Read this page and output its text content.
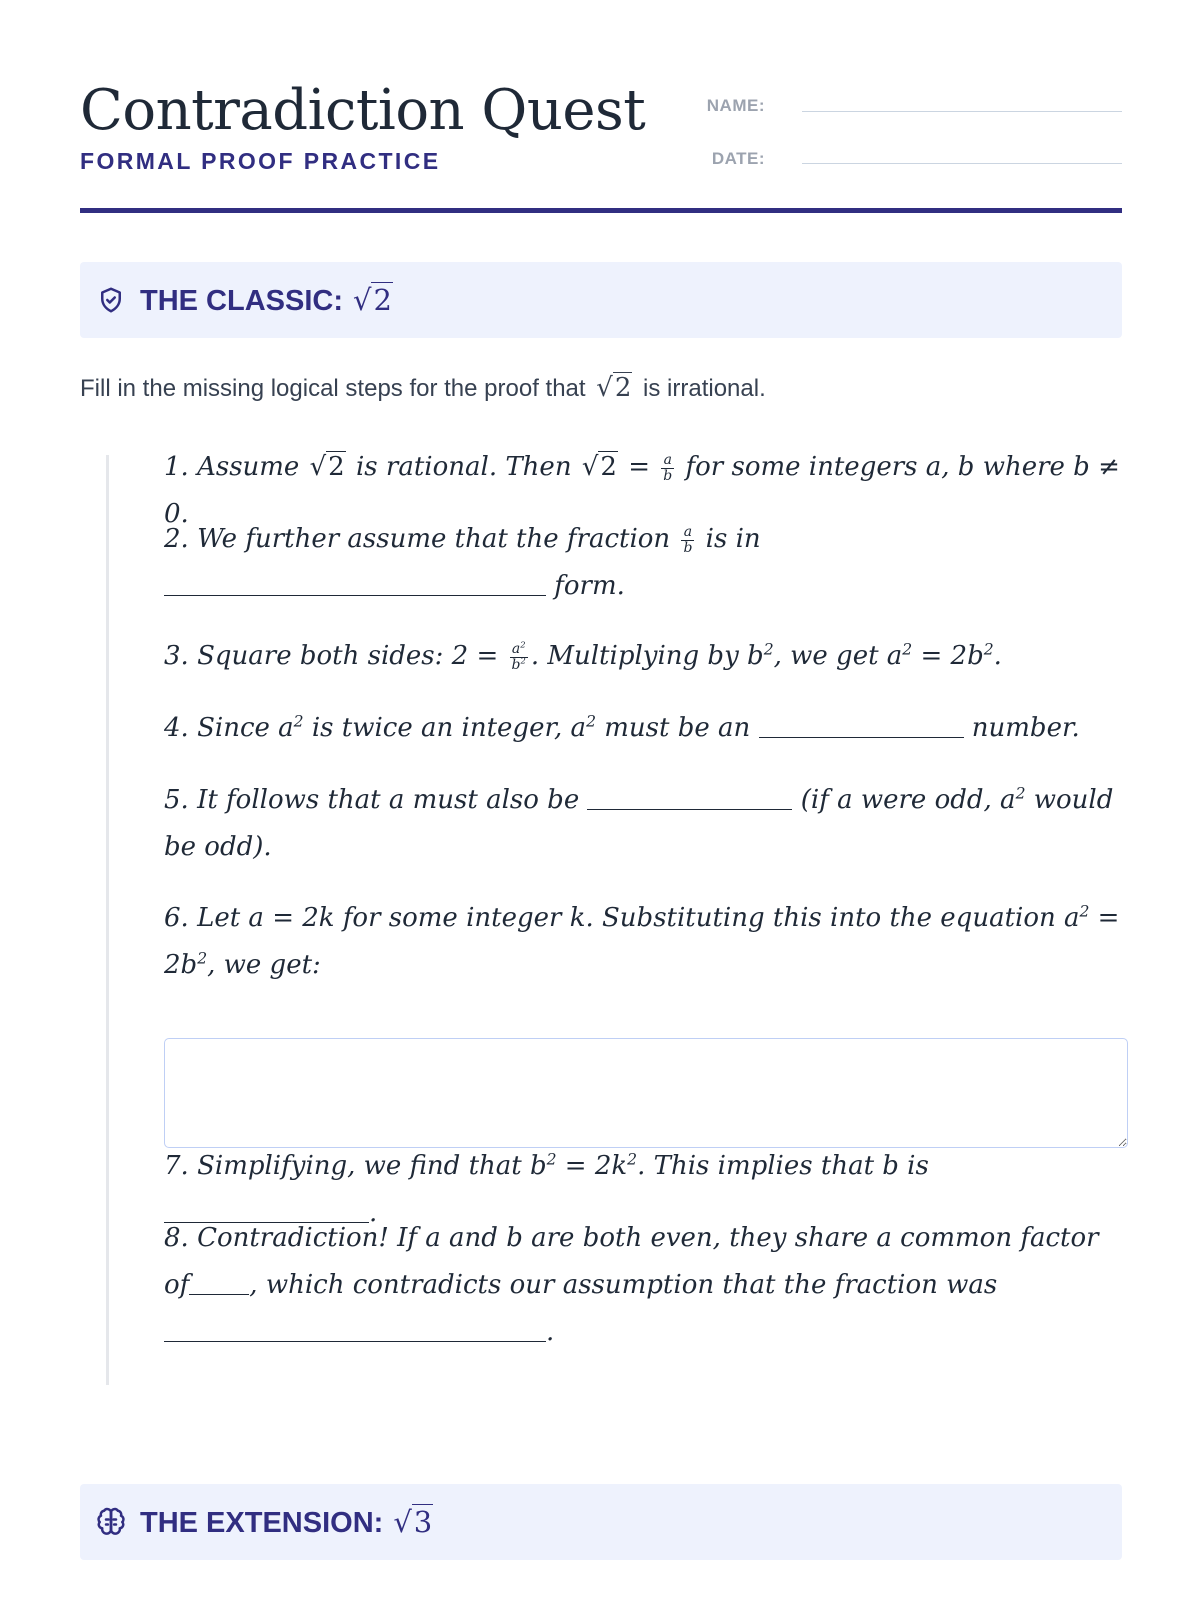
Contradiction Quest
FORMAL PROOF PRACTICE
NAME:
DATE:
THE CLASSIC: √2
Fill in the missing logical steps for the proof that √2 is irrational.
1. Assume √2 is rational. Then $√2 = \frac{a}{b}$ for some integers a, b where b ≠ 0.
2. We further assume that the fraction $\frac{a}{b}$ is in  form.
3. Square both sides: $2 = \frac{a^2}{b^2}$ . Multiplying by $b^2$, we get $a^2 = 2b^2$.
4. Since $a^2$ is twice an integer, $a^2$ must be an	number.
5. It follows that a must also be	(if a were odd, $a^2$ would be odd).
6. Let a = 2k for some integer k. Substituting this into the equation $a^2 = 2b^2$, we get:
7. Simplifying, we find that $b^2 = 2k^2$. This implies that b is .
8. Contradiction! If a and b are both even, they share a common factor of , which contradicts our assumption that the fraction was
.
THE EXTENSION: √3
